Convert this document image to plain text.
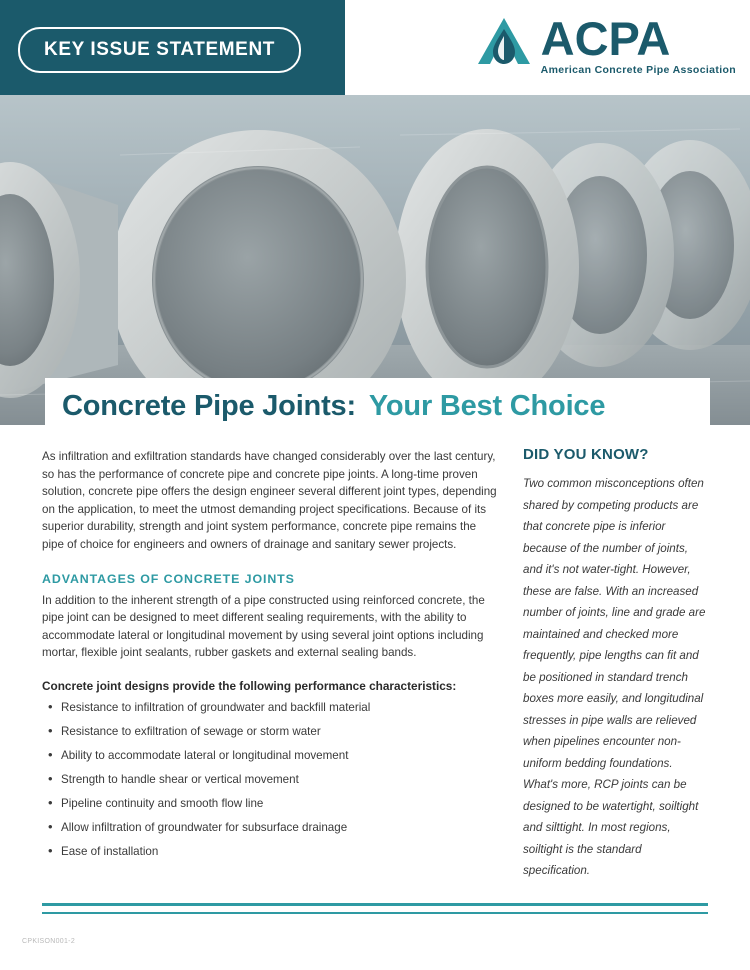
KEY ISSUE STATEMENT	ACPA
American Concrete Pipe Association
Concrete Pipe Joints: Your Best Choice

As infiltration and exfiltration standards have changed considerably over the last century, so has the performance of concrete pipe and concrete pipe joints. A long-time proven solution, concrete pipe offers the design engineer several different joint types, depending on the application, to meet the utmost demanding project specifications. Because of its superior durability, strength and joint system performance, concrete pipe remains the pipe of choice for engineers and owners of drainage and sanitary sewer projects.

ADVANTAGES OF CONCRETE JOINTS

In addition to the inherent strength of a pipe constructed using reinforced concrete, the pipe joint can be designed to meet different sealing requirements, with the ability to accommodate lateral or longitudinal movement by using several joint options including mortar, flexible joint sealants, rubber gaskets and external sealing bands.

Concrete joint designs provide the following performance characteristics:
• Resistance to infiltration of groundwater and backfill material
• Resistance to exfiltration of sewage or storm water
• Ability to accommodate lateral or longitudinal movement
• Strength to handle shear or vertical movement
• Pipeline continuity and smooth flow line
• Allow infiltration of groundwater for subsurface drainage
• Ease of installation
DID YOU KNOW?

Two common misconceptions often shared by competing products are that concrete pipe is inferior because of the number of joints, and it's not water-tight. However, these are false. With an increased number of joints, line and grade are maintained and checked more frequently, pipe lengths can fit and be positioned in standard trench boxes more easily, and longitudinal stresses in pipe walls are relieved when pipelines encounter non-uniform bedding foundations. What's more, RCP joints can be designed to be watertight, soiltight and silttight. In most regions, soiltight is the standard specification.

CPKISON001-2
